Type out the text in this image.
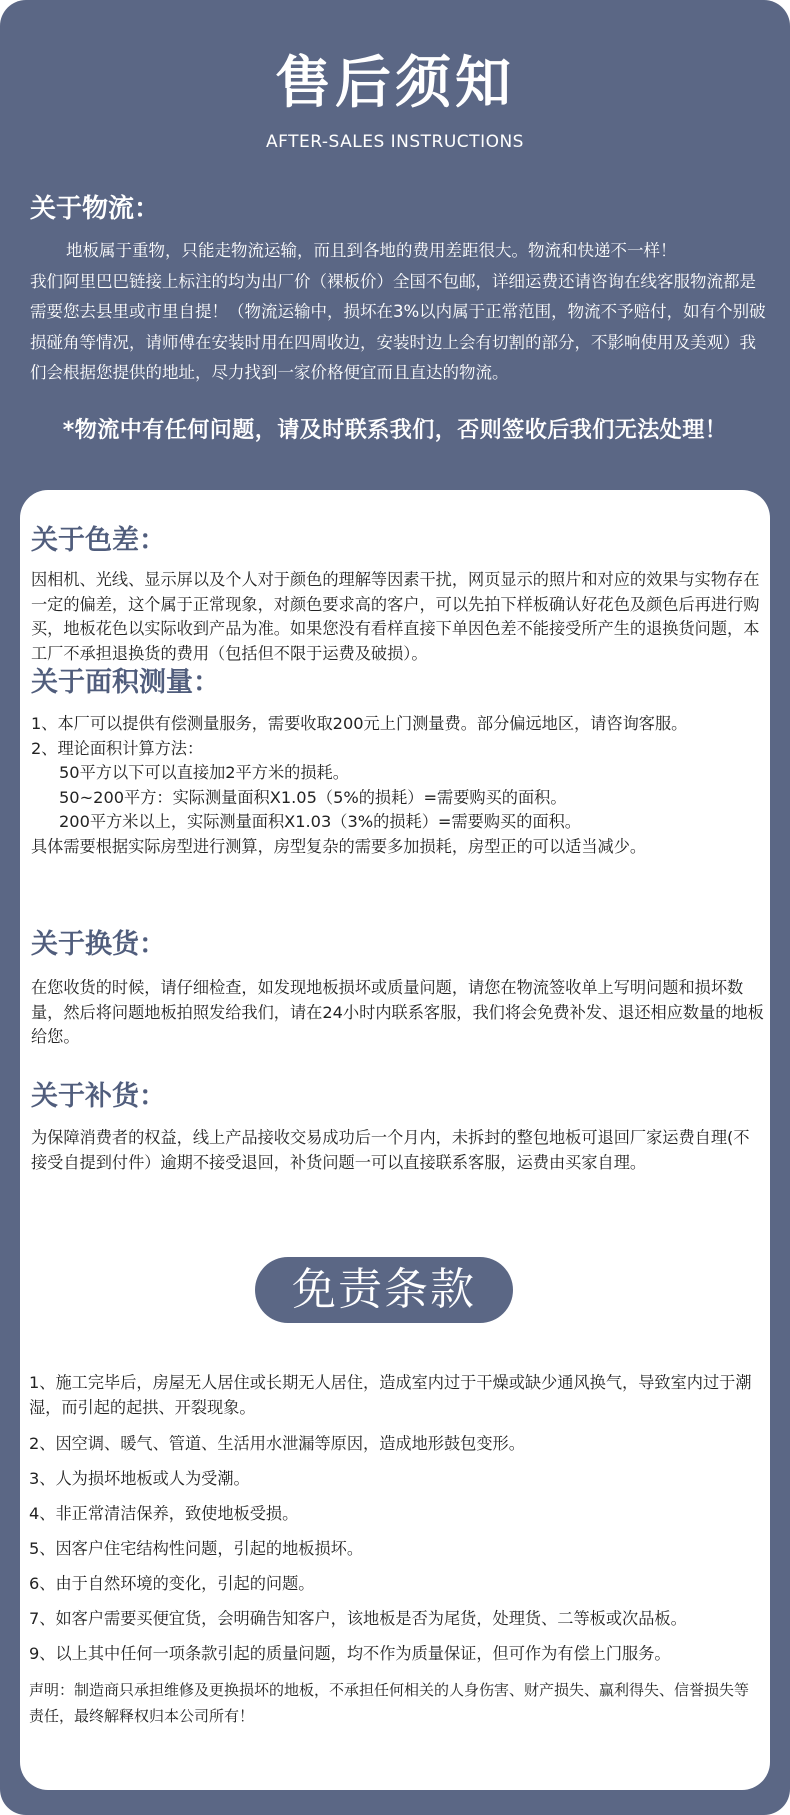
售后须知
AFTER-SALES INSTRUCTIONS
关于物流：

地板属于重物，只能走物流运输，而且到各地的费用差距很大。物流和快递不一样！

我们阿里巴巴链接上标注的均为出厂价（裸板价）全国不包邮，详细运费还请咨询在线客服物流都是需要您去县里或市里自提！（物流运输中，损坏在3%以内属于正常范围，物流不予赔付，如有个别破损碰角等情况，请师傅在安装时用在四周收边，安装时边上会有切割的部分，不影响使用及美观）我们会根据您提供的地址，尽力找到一家价格便宜而且直达的物流。

*物流中有任何问题，请及时联系我们，否则签收后我们无法处理！
关于色差：
因相机、光线、显示屏以及个人对于颜色的理解等因素干扰，网页显示的照片和对应的效果与实物存在一定的偏差，这个属于正常现象，对颜色要求高的客户，可以先拍下样板确认好花色及颜色后再进行购买，地板花色以实际收到产品为准。如果您没有看样直接下单因色差不能接受所产生的退换货问题，本工厂不承担退换货的费用（包括但不限于运费及破损）。
关于面积测量：

1、本厂可以提供有偿测量服务，需要收取200元上门测量费。部分偏远地区，请咨询客服。

2、理论面积计算方法：

50平方以下可以直接加2平方米的损耗。

50~200平方：实际测量面积X1.05（5%的损耗）=需要购买的面积。

200平方米以上，实际测量面积X1.03（3%的损耗）=需要购买的面积。

具体需要根据实际房型进行测算，房型复杂的需要多加损耗，房型正的可以适当减少。

关于换货：
在您收货的时候，请仔细检查，如发现地板损坏或质量问题，请您在物流签收单上写明问题和损坏数量，然后将问题地板拍照发给我们，请在24小时内联系客服，我们将会免费补发、退还相应数量的地板给您。
关于补货：
为保障消费者的权益，线上产品接收交易成功后一个月内，未拆封的整包地板可退回厂家运费自理(不接受自提到付件）逾期不接受退回，补货问题一可以直接联系客服，运费由买家自理。
免责条款
1、施工完毕后，房屋无人居住或长期无人居住，造成室内过于干燥或缺少通风换气，导致室内过于潮湿，而引起的起拱、开裂现象。
2、因空调、暖气、管道、生活用水泄漏等原因，造成地形鼓包变形。
3、人为损坏地板或人为受潮。
4、非正常清洁保养，致使地板受损。
5、因客户住宅结构性问题，引起的地板损坏。
6、由于自然环境的变化，引起的问题。
7、如客户需要买便宜货，会明确告知客户，该地板是否为尾货，处理货、二等板或次品板。
9、以上其中任何一项条款引起的质量问题，均不作为质量保证，但可作为有偿上门服务。
声明：制造商只承担维修及更换损坏的地板，不承担任何相关的人身伤害、财产损失、赢利得失、信誉损失等责任，最终解释权归本公司所有！
